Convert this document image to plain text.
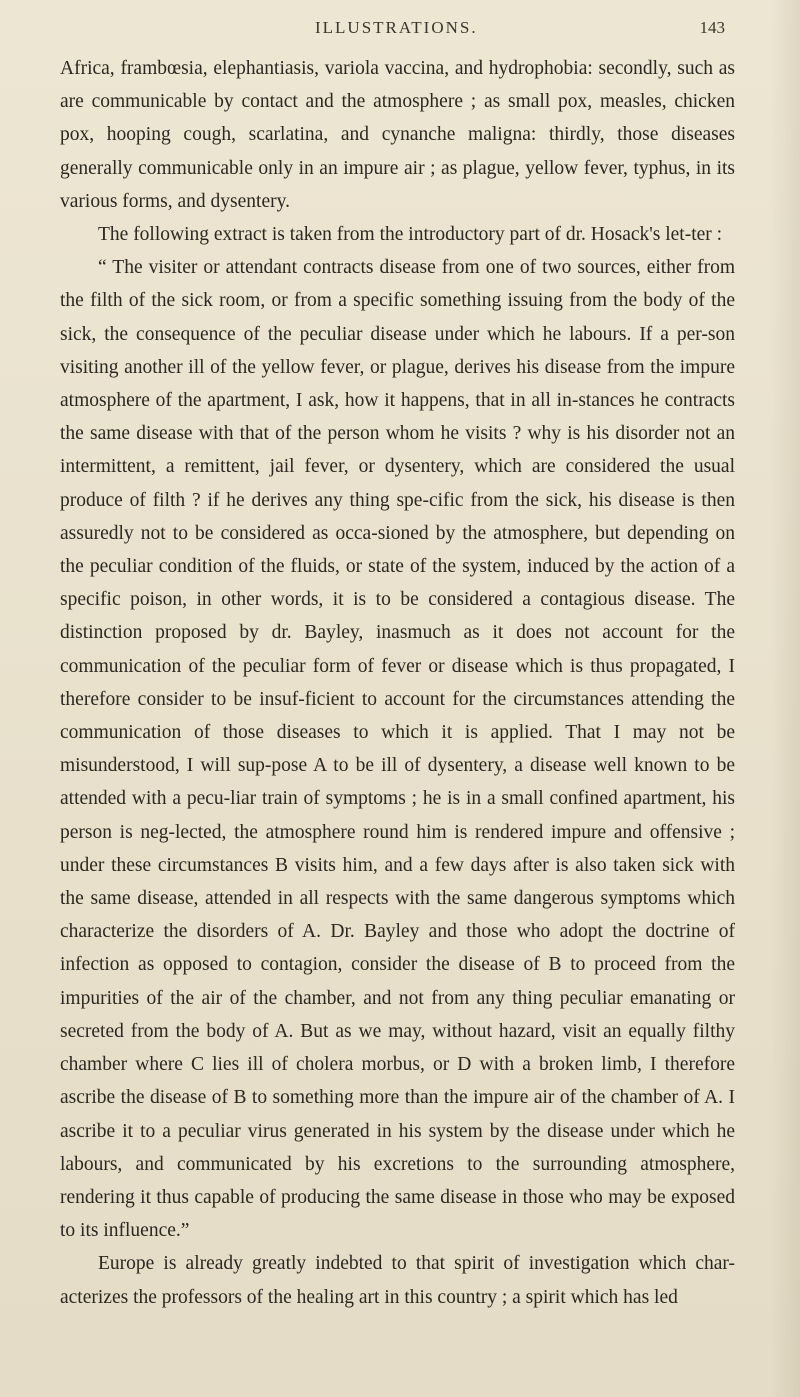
ILLUSTRATIONS.	143

Africa, frambœsia, elephantiasis, variola vaccina, and hydrophobia: secondly, such as are communicable by contact and the atmosphere ; as small pox, measles, chicken pox, hooping cough, scarlatina, and cynanche maligna: thirdly, those diseases generally communicable only in an impure air ; as plague, yellow fever, typhus, in its various forms, and dysentery.

The following extract is taken from the introductory part of dr. Hosack's let-ter :

“ The visiter or attendant contracts disease from one of two sources, either from the filth of the sick room, or from a specific something issuing from the body of the sick, the consequence of the peculiar disease under which he labours. If a per-son visiting another ill of the yellow fever, or plague, derives his disease from the impure atmosphere of the apartment, I ask, how it happens, that in all in-stances he contracts the same disease with that of the person whom he visits ? why is his disorder not an intermittent, a remittent, jail fever, or dysentery, which are considered the usual produce of filth ? if he derives any thing spe-cific from the sick, his disease is then assuredly not to be considered as occa-sioned by the atmosphere, but depending on the peculiar condition of the fluids, or state of the system, induced by the action of a specific poison, in other words, it is to be considered a contagious disease. The distinction proposed by dr. Bayley, inasmuch as it does not account for the communication of the peculiar form of fever or disease which is thus propagated, I therefore consider to be insuf-ficient to account for the circumstances attending the communication of those diseases to which it is applied. That I may not be misunderstood, I will sup-pose A to be ill of dysentery, a disease well known to be attended with a pecu-liar train of symptoms ; he is in a small confined apartment, his person is neg-lected, the atmosphere round him is rendered impure and offensive ; under these circumstances B visits him, and a few days after is also taken sick with the same disease, attended in all respects with the same dangerous symptoms which characterize the disorders of A. Dr. Bayley and those who adopt the doctrine of infection as opposed to contagion, consider the disease of B to proceed from the impurities of the air of the chamber, and not from any thing peculiar emanating or secreted from the body of A. But as we may, without hazard, visit an equally filthy chamber where C lies ill of cholera morbus, or D with a broken limb, I therefore ascribe the disease of B to something more than the impure air of the chamber of A. I ascribe it to a peculiar virus generated in his system by the disease under which he labours, and communicated by his excretions to the surrounding atmosphere, rendering it thus capable of producing the same disease in those who may be exposed to its influence.”

Europe is already greatly indebted to that spirit of investigation which char-acterizes the professors of the healing art in this country ; a spirit which has led
